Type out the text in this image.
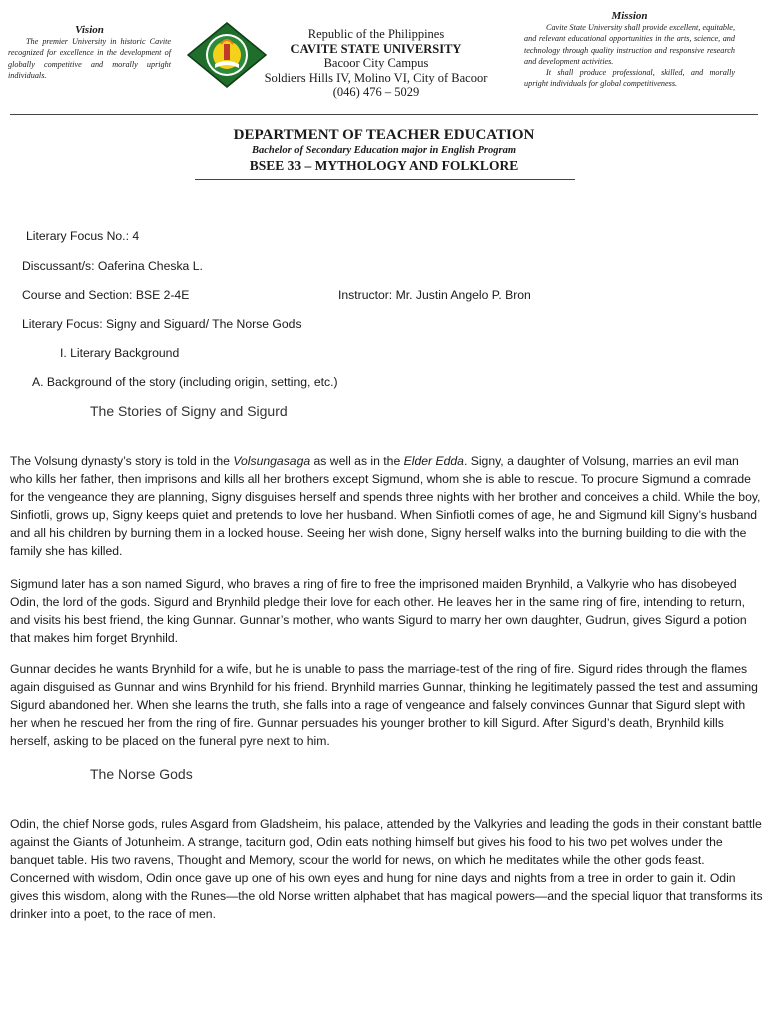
Vision
The premier University in historic Cavite recognized for excellence in the development of globally competitive and morally upright individuals.
Republic of the Philippines
CAVITE STATE UNIVERSITY
Bacoor City Campus
Soldiers Hills IV, Molino VI, City of Bacoor
(046) 476 – 5029
Mission
Cavite State University shall provide excellent, equitable, and relevant educational opportunities in the arts, science, and technology through quality instruction and responsive research and development activities.
It shall produce professional, skilled, and morally upright individuals for global competitiveness.
DEPARTMENT OF TEACHER EDUCATION
Bachelor of Secondary Education major in English Program
BSEE 33 – MYTHOLOGY AND FOLKLORE
Literary Focus No.: 4
Discussant/s: Oaferina Cheska L.
Course and Section: BSE 2-4E	Instructor: Mr. Justin Angelo P. Bron
Literary Focus: Signy and Siguard/ The Norse Gods
I. Literary Background
A. Background of the story (including origin, setting, etc.)
The Stories of Signy and Sigurd
The Volsung dynasty’s story is told in the Volsungasaga as well as in the Elder Edda. Signy, a daughter of Volsung, marries an evil man who kills her father, then imprisons and kills all her brothers except Sigmund, whom she is able to rescue. To procure Sigmund a comrade for the vengeance they are planning, Signy disguises herself and spends three nights with her brother and conceives a child. While the boy, Sinfiotli, grows up, Signy keeps quiet and pretends to love her husband. When Sinfiotli comes of age, he and Sigmund kill Signy’s husband and all his children by burning them in a locked house. Seeing her wish done, Signy herself walks into the burning building to die with the family she has killed.
Sigmund later has a son named Sigurd, who braves a ring of fire to free the imprisoned maiden Brynhild, a Valkyrie who has disobeyed Odin, the lord of the gods. Sigurd and Brynhild pledge their love for each other. He leaves her in the same ring of fire, intending to return, and visits his best friend, the king Gunnar. Gunnar’s mother, who wants Sigurd to marry her own daughter, Gudrun, gives Sigurd a potion that makes him forget Brynhild.
Gunnar decides he wants Brynhild for a wife, but he is unable to pass the marriage-test of the ring of fire. Sigurd rides through the flames again disguised as Gunnar and wins Brynhild for his friend. Brynhild marries Gunnar, thinking he legitimately passed the test and assuming Sigurd abandoned her. When she learns the truth, she falls into a rage of vengeance and falsely convinces Gunnar that Sigurd slept with her when he rescued her from the ring of fire. Gunnar persuades his younger brother to kill Sigurd. After Sigurd’s death, Brynhild kills herself, asking to be placed on the funeral pyre next to him.
The Norse Gods
Odin, the chief Norse gods, rules Asgard from Gladsheim, his palace, attended by the Valkyries and leading the gods in their constant battle against the Giants of Jotunheim. A strange, taciturn god, Odin eats nothing himself but gives his food to his two pet wolves under the banquet table. His two ravens, Thought and Memory, scour the world for news, on which he meditates while the other gods feast. Concerned with wisdom, Odin once gave up one of his own eyes and hung for nine days and nights from a tree in order to gain it. Odin gives this wisdom, along with the Runes—the old Norse written alphabet that has magical powers—and the special liquor that transforms its drinker into a poet, to the race of men.
